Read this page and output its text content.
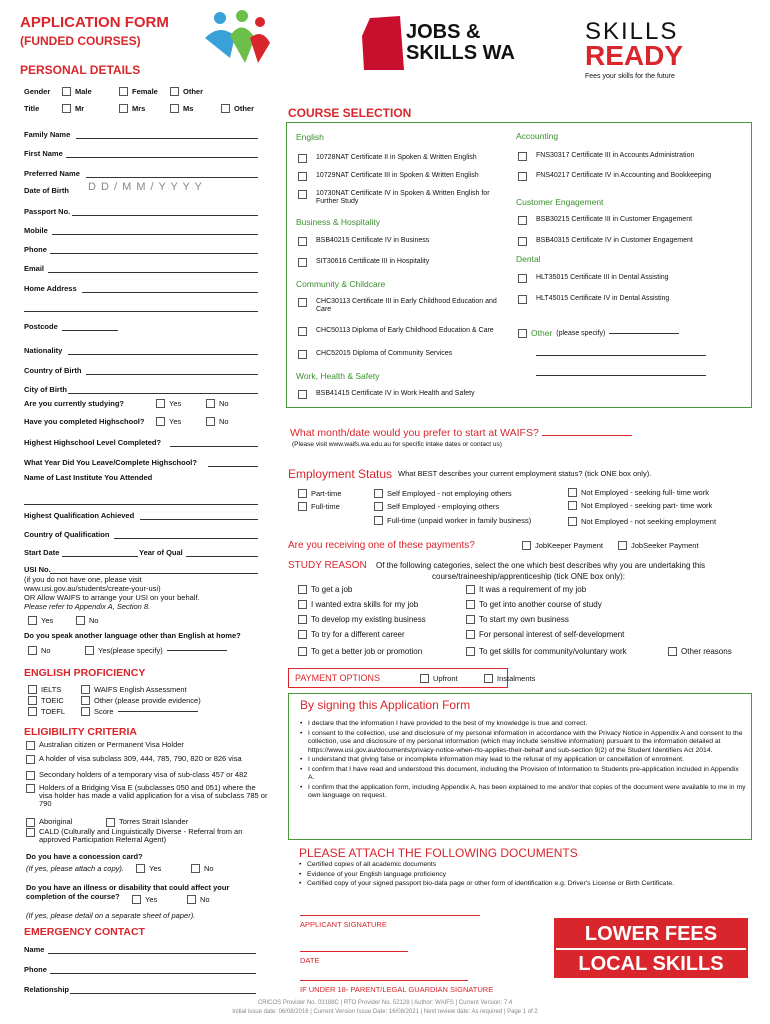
APPLICATION FORM
(FUNDED COURSES)	JOBS &
SKILLS WA
SKILLS
READY
Fees your skills for the future
PERSONAL DETAILS
Gender	Male	Female	Other
Title	Mr	Mrs	Ms	Other
Family Name
First Name
Preferred Name
Passport No.
Mobile
Phone
Email
Home Address
Postcode
Nationality
Country of Birth
City of Birth
Highest Highschool Level Completed?
What Year Did You Leave/Complete Highschool?
Name of Last Institute You Attended
Highest Qualification Achieved
Country of Qualification
USI No.
Date of Birth D D / M M / Y Y Y Y
Start Date	Year of Qual
(if you do not have one, please visit
www.usi.gov.au/students/create-your-usi)
OR Allow WAIFS to arrange your USI on your behalf.
Please refer to Appendix A, Section 8.
Are you currently studying?	Yes	No
Have you completed Highschool?	Yes	No
Yes	No
Do you speak another language other than English at home?
No	Yes(please specify)
ENGLISH PROFICIENCY
IELTS	WAIFS English Assessment
TOEIC	Other (please provide evidence)
TOEFL	Score
ELIGIBILITY CRITERIA
Australian citizen or Permanent Visa Holder
A holder of visa subclass 309, 444, 785, 790, 820 or 826 visa
Secondary holders of a temporary visa of sub-class 457 or 482
Holders of a Bridging Visa E (subclasses 050 and 051) where the visa holder has made a valid application for a visa of subclass 785 or 790
Aboriginal	Torres Strait Islander
CALD (Culturally and Linguistically Diverse - Referral from an approved Participation Referral Agent)
Do you have a concession card?
(If yes, please attach a copy).	Yes	No
Do you have an illness or disability that could affect your completion of the course?	Yes	No
(If yes, please detail on a separate sheet of paper).
EMERGENCY CONTACT
Name
Phone
Relationship
COURSE SELECTION
English
10728NAT Certificate II in Spoken & Written English
10729NAT Certificate III in Spoken & Written English
10730NAT Certificate IV in Spoken & Written English for Further Study
Business & Hospitality
BSB40215 Certificate IV in Business
SIT30616 Certificate III in Hospitality
Community & Childcare
CHC30113 Certificate III in Early Childhood Education and Care
CHC50113 Diploma of Early Childhood Education & Care
CHC52015 Diploma of Community Services
Work, Health & Safety
BSB41415 Certificate IV in Work Health and Safety
Accounting
FNS30317 Certificate III in Accounts Administration
FNS40217 Certificate IV in Accounting and Bookkeeping
Customer Engagement
BSB30215 Certificate III in Customer Engagement
BSB40315 Certificate IV in Customer Engagement
Dental
HLT35015 Certificate III in Dental Assisting
HLT45015 Certificate IV in Dental Assisting
Other (please specify)
What month/date would you prefer to start at WAIFS?
(Please visit www.waifs.wa.edu.au for specific intake dates or contact us)
Employment Status What BEST describes your current employment status? (tick ONE box only).
Part-time
Full-time
Self Employed - not employing others
Self Employed - employing others
Full-time (unpaid worker in family business)
Not Employed - seeking full- time work
Not Employed - seeking part- time work
Not Employed - not seeking employment
Are you receiving one of these payments?	JobKeeper Payment	JobSeeker Payment
STUDY REASON Of the following categories, select the one which best describes why you are undertaking this course/traineeship/apprenticeship (tick ONE box only):
To get a job	It was a requirement of my job
I wanted extra skills for my job	To get into another course of study
To develop my existing business	To start my own business
To try for a different career	For personal interest of self-development
To get a better job or promotion	To get skills for community/voluntary work	Other reasons
PAYMENT OPTIONS	Upfront	Instalments
By signing this Application Form
• I declare that the information I have provided to the best of my knowledge is true and correct.
• I consent to the collection, use and disclosure of my personal information in accordance with the Privacy Notice in Appendix A and consent to the collection, use and disclosure of my personal information (which may include sensitive information) pursuant to the information detailed at https://www.usi.gov.au/documents/privacy-notice-when-rto-applies-their-behalf and sub-section 9(2) of the Student Identifiers Act 2014.
• I understand that giving false or incomplete information may lead to the refusal of my application or cancellation of enrolment.
• I confirm that I have read and understood this document, including the Provision of Information to Students pre-application included in Appendix A.
• I confirm that the application form, including Appendix A, has been explained to me and/or that copies of the document were available to me in my own language on request.
PLEASE ATTACH THE FOLLOWING DOCUMENTS
• Certified copies of all academic documents
• Evidence of your English language proficiency
• Certified copy of your signed passport bio-data page or other form of identification e.g. Driver's License or Birth Certificate.
APPLICANT SIGNATURE
DATE
IF UNDER 18- PARENT/LEGAL GUARDIAN SIGNATURE
LOWER FEES
LOCAL SKILLS
CRICOS Provider No. 03188C | RTO Provider No. 52128 | Author: WAIFS | Current Version: 7.4
Initial issue date: 06/08/2016 | Current Version Issue Date: 16/08/2021 | Next review date: As required | Page 1 of 2
